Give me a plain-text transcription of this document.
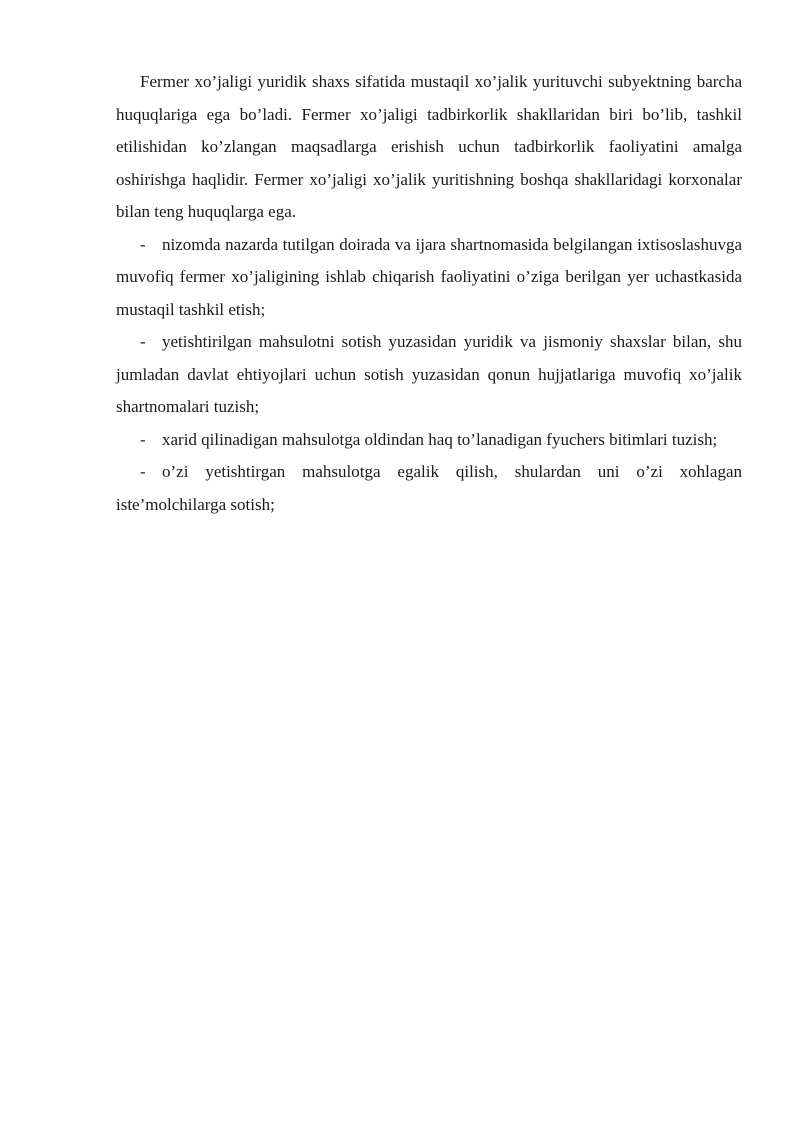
Fermer xo’jaligi yuridik shaxs sifatida mustaqil xo’jalik yurituvchi subyektning barcha huquqlariga ega bo’ladi. Fermer xo’jaligi tadbirkorlik shakllaridan biri bo’lib, tashkil etilishidan ko’zlangan maqsadlarga erishish uchun tadbirkorlik faoliyatini amalga oshirishga haqlidir. Fermer xo’jaligi xo’jalik yuritishning boshqa shakllaridagi korxonalar bilan teng huquqlarga ega.

- nizomda nazarda tutilgan doirada va ijara shartnomasida belgilangan ixtisoslashuvga muvofiq fermer xo’jaligining ishlab chiqarish faoliyatini o’ziga berilgan yer uchastkasida mustaqil tashkil etish;

- yetishtirilgan mahsulotni sotish yuzasidan yuridik va jismoniy shaxslar bilan, shu jumladan davlat ehtiyojlari uchun sotish yuzasidan qonun hujjatlariga muvofiq xo’jalik shartnomalari tuzish;

- xarid qilinadigan mahsulotga oldindan haq to’lanadigan fyuchers bitimlari tuzish;

- o’zi yetishtirgan mahsulotga egalik qilish, shulardan uni o’zi xohlagan iste’molchilarga sotish;
